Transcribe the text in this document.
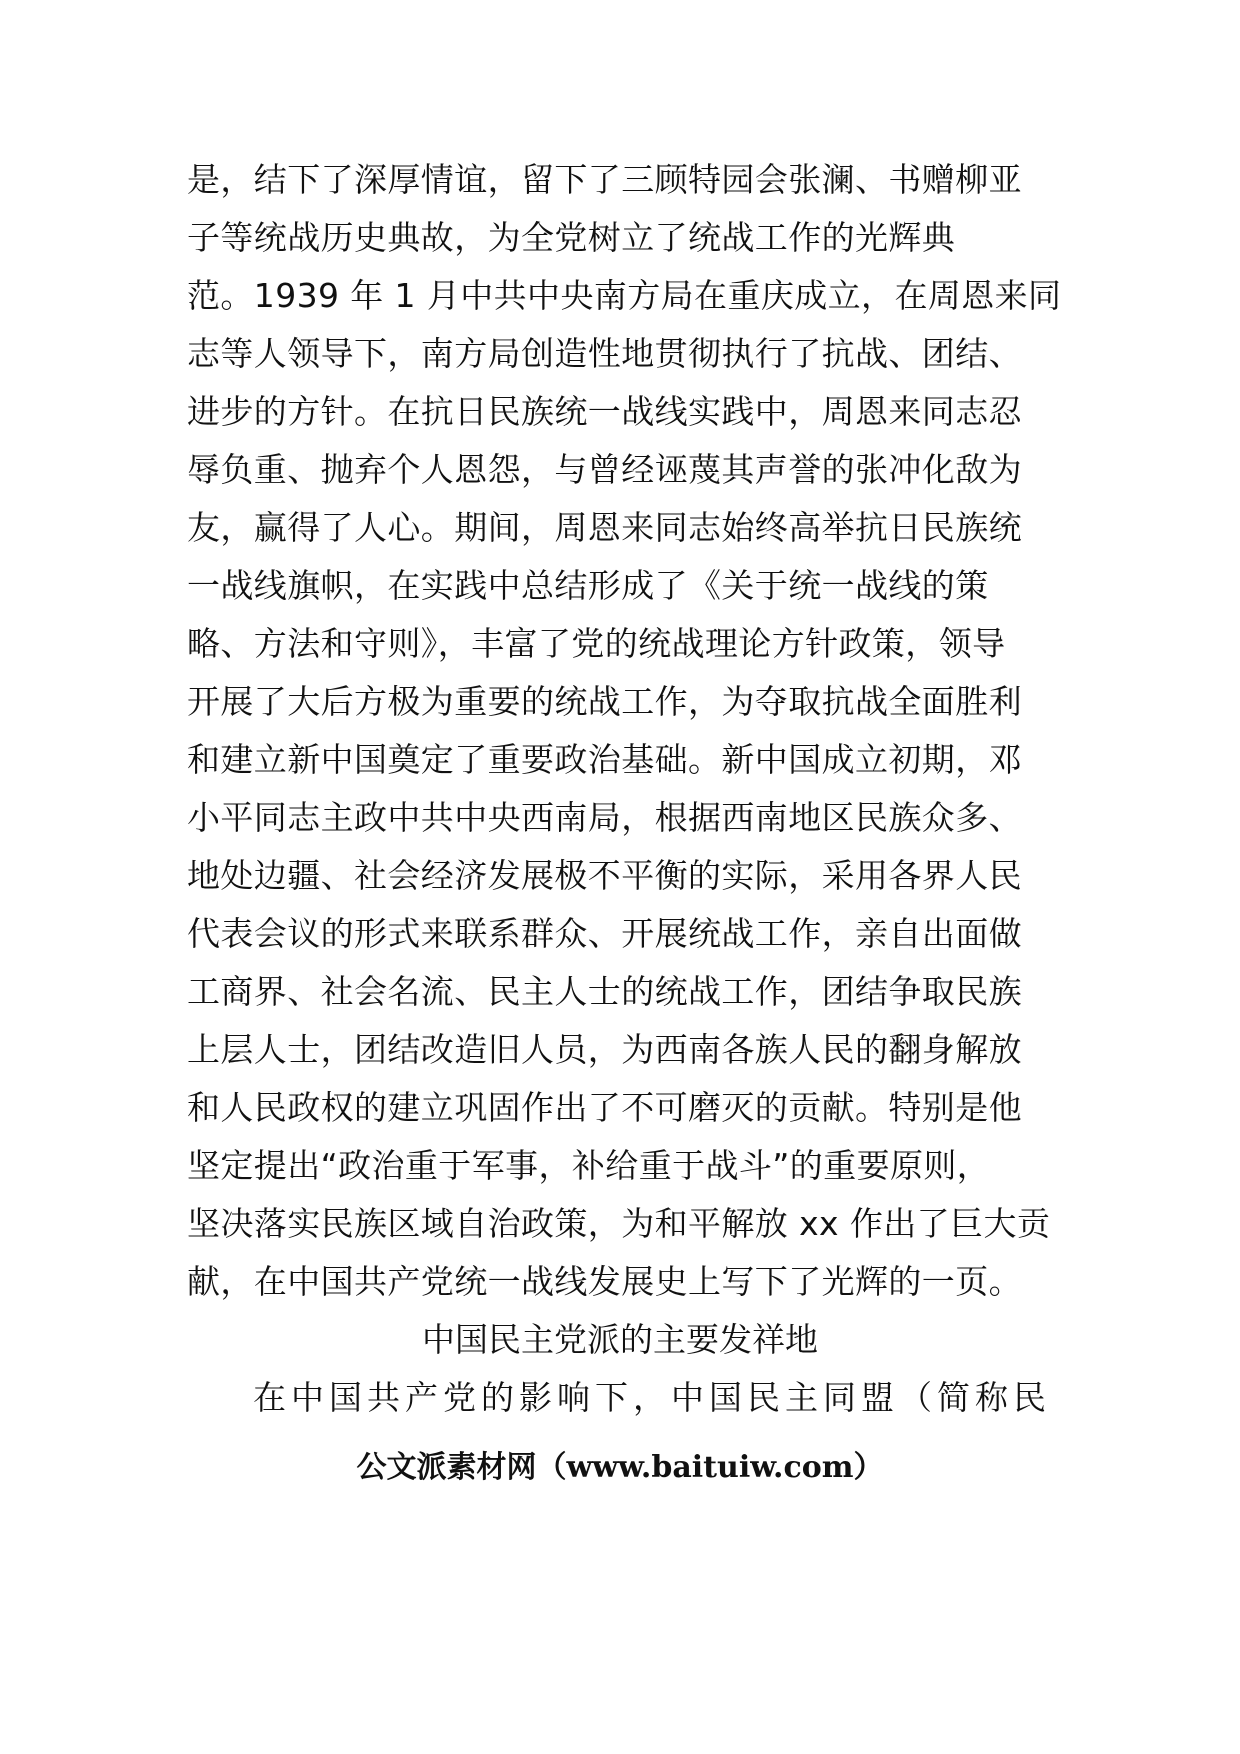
是，结下了深厚情谊，留下了三顾特园会张澜、书赠柳亚
子等统战历史典故，为全党树立了统战工作的光辉典
范。1939 年 1 月中共中央南方局在重庆成立，在周恩来同
志等人领导下，南方局创造性地贯彻执行了抗战、团结、
进步的方针。在抗日民族统一战线实践中，周恩来同志忍
辱负重、抛弃个人恩怨，与曾经诬蔑其声誉的张冲化敌为
友，赢得了人心。期间，周恩来同志始终高举抗日民族统
一战线旗帜，在实践中总结形成了《关于统一战线的策
略、方法和守则》，丰富了党的统战理论方针政策，领导
开展了大后方极为重要的统战工作，为夺取抗战全面胜利
和建立新中国奠定了重要政治基础。新中国成立初期，邓
小平同志主政中共中央西南局，根据西南地区民族众多、
地处边疆、社会经济发展极不平衡的实际，采用各界人民
代表会议的形式来联系群众、开展统战工作，亲自出面做
工商界、社会名流、民主人士的统战工作，团结争取民族
上层人士，团结改造旧人员，为西南各族人民的翻身解放
和人民政权的建立巩固作出了不可磨灭的贡献。特别是他
坚定提出“政治重于军事，补给重于战斗”的重要原则，
坚决落实民族区域自治政策，为和平解放 xx 作出了巨大贡
献，在中国共产党统一战线发展史上写下了光辉的一页。
中国民主党派的主要发祥地
在中国共产党的影响下，中国民主同盟（简称民
公文派素材网（www.baituiw.com）
